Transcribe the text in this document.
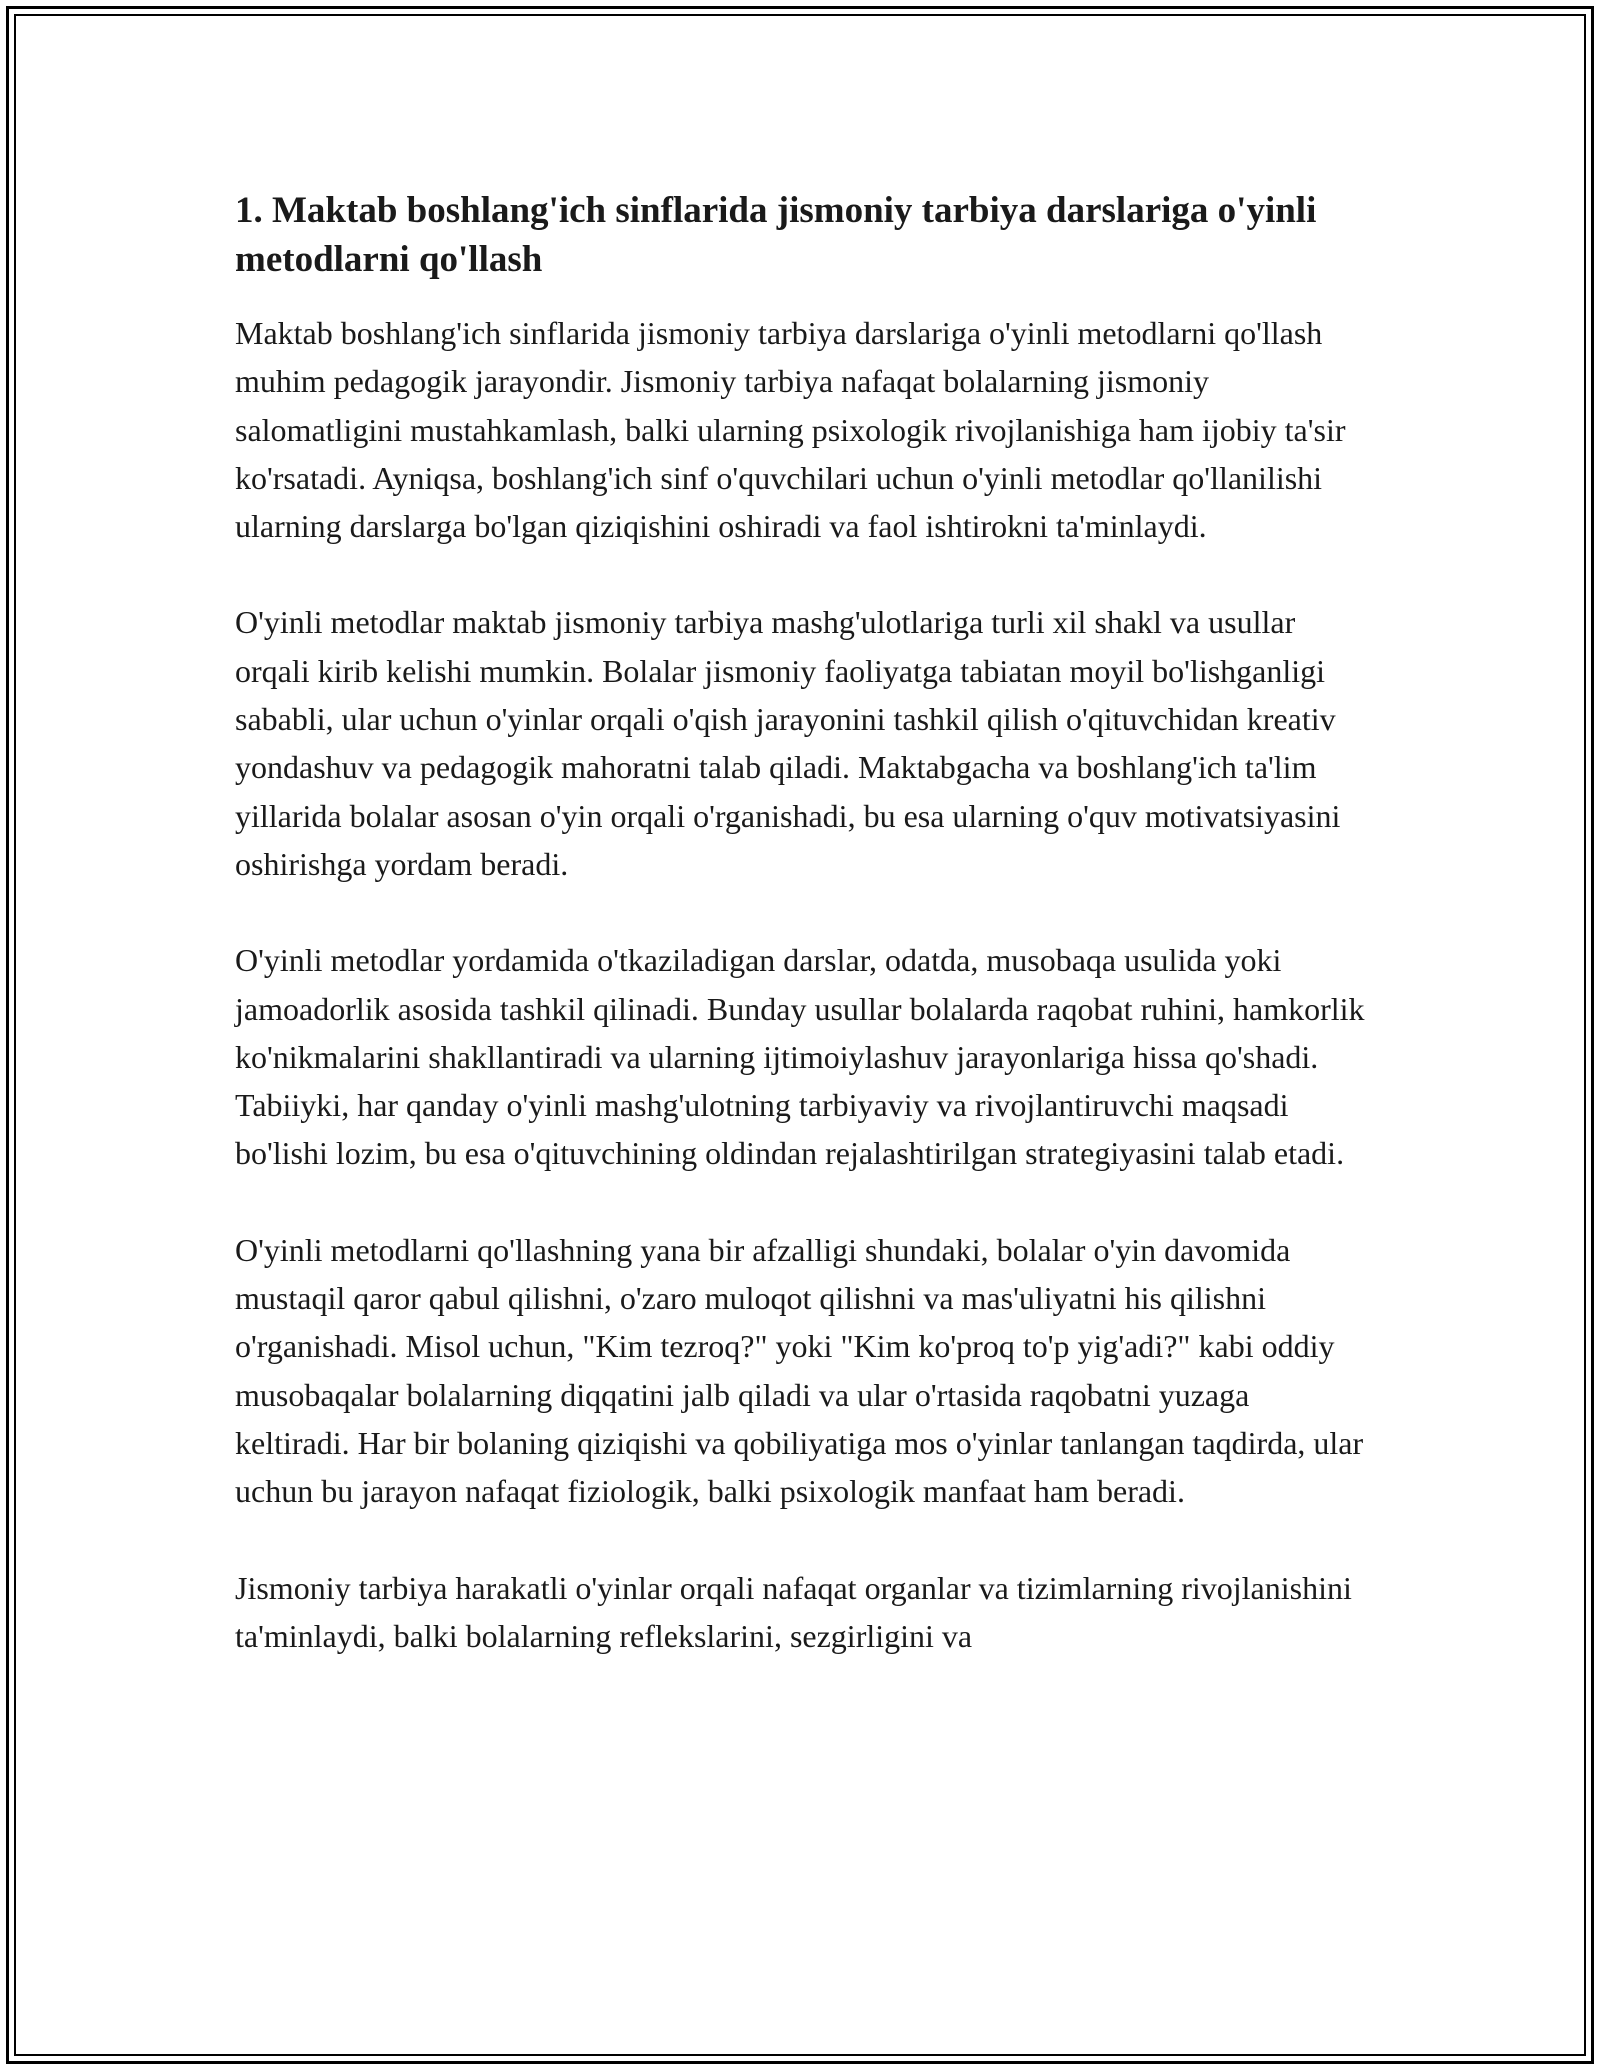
1. Maktab boshlang'ich sinflarida jismoniy tarbiya darslariga o'yinli metodlarni qo'llash

Maktab boshlang'ich sinflarida jismoniy tarbiya darslariga o'yinli metodlarni qo'llash muhim pedagogik jarayondir. Jismoniy tarbiya nafaqat bolalarning jismoniy salomatligini mustahkamlash, balki ularning psixologik rivojlanishiga ham ijobiy ta'sir ko'rsatadi. Ayniqsa, boshlang'ich sinf o'quvchilari uchun o'yinli metodlar qo'llanilishi ularning darslarga bo'lgan qiziqishini oshiradi va faol ishtirokni ta'minlaydi.

O'yinli metodlar maktab jismoniy tarbiya mashg'ulotlariga turli xil shakl va usullar orqali kirib kelishi mumkin. Bolalar jismoniy faoliyatga tabiatan moyil bo'lishganligi sababli, ular uchun o'yinlar orqali o'qish jarayonini tashkil qilish o'qituvchidan kreativ yondashuv va pedagogik mahoratni talab qiladi. Maktabgacha va boshlang'ich ta'lim yillarida bolalar asosan o'yin orqali o'rganishadi, bu esa ularning o'quv motivatsiyasini oshirishga yordam beradi.

O'yinli metodlar yordamida o'tkaziladigan darslar, odatda, musobaqa usulida yoki jamoadorlik asosida tashkil qilinadi. Bunday usullar bolalarda raqobat ruhini, hamkorlik ko'nikmalarini shakllantiradi va ularning ijtimoiylashuv jarayonlariga hissa qo'shadi. Tabiiyki, har qanday o'yinli mashg'ulotning tarbiyaviy va rivojlantiruvchi maqsadi bo'lishi lozim, bu esa o'qituvchining oldindan rejalashtirilgan strategiyasini talab etadi.

O'yinli metodlarni qo'llashning yana bir afzalligi shundaki, bolalar o'yin davomida mustaqil qaror qabul qilishni, o'zaro muloqot qilishni va mas'uliyatni his qilishni o'rganishadi. Misol uchun, "Kim tezroq?" yoki "Kim ko'proq to'p yig'adi?" kabi oddiy musobaqalar bolalarning diqqatini jalb qiladi va ular o'rtasida raqobatni yuzaga keltiradi. Har bir bolaning qiziqishi va qobiliyatiga mos o'yinlar tanlangan taqdirda, ular uchun bu jarayon nafaqat fiziologik, balki psixologik manfaat ham beradi.

Jismoniy tarbiya harakatli o'yinlar orqali nafaqat organlar va tizimlarning rivojlanishini ta'minlaydi, balki bolalarning reflekslarini, sezgirligini va
